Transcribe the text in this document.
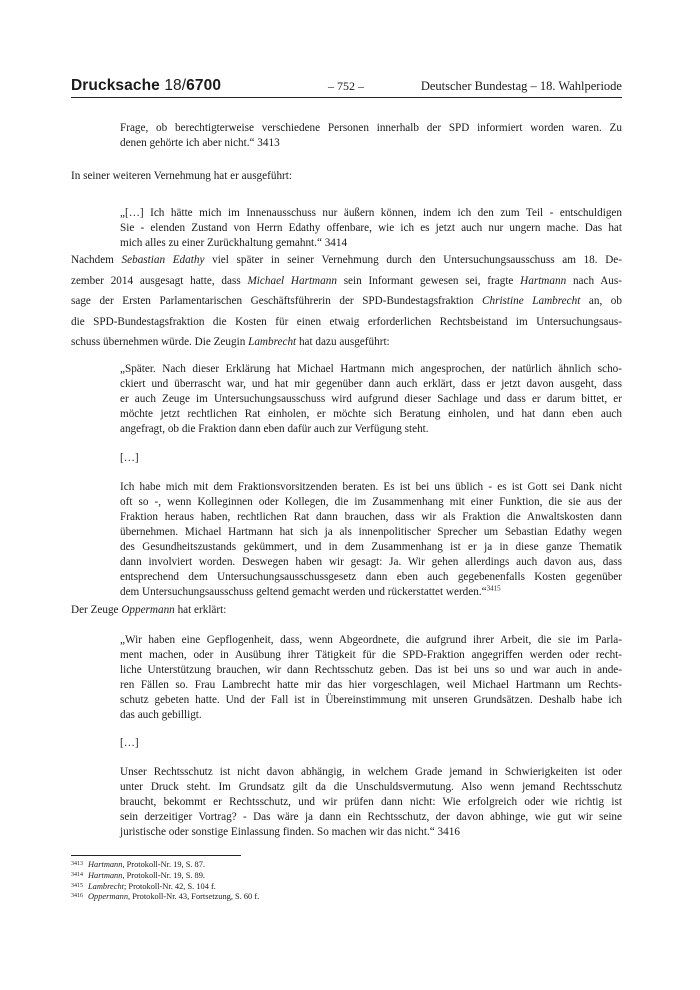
Drucksache 18/6700	– 752 –	Deutscher Bundestag – 18. Wahlperiode
Frage, ob berechtigterweise verschiedene Personen innerhalb der SPD informiert worden waren. Zu
denen gehörte ich aber nicht.“ 3413
In seiner weiteren Vernehmung hat er ausgeführt:
„[…] Ich hätte mich im Innenausschuss nur äußern können, indem ich den zum Teil - entschuldigen
Sie - elenden Zustand von Herrn Edathy offenbare, wie ich es jetzt auch nur ungern mache. Das hat
mich alles zu einer Zurückhaltung gemahnt.“ 3414
Nachdem Sebastian Edathy viel später in seiner Vernehmung durch den Untersuchungsausschuss am 18. De-
zember 2014 ausgesagt hatte, dass Michael Hartmann sein Informant gewesen sei, fragte Hartmann nach Aus-
sage der Ersten Parlamentarischen Geschäftsführerin der SPD-Bundestagsfraktion Christine Lambrecht an, ob
die SPD-Bundestagsfraktion die Kosten für einen etwaig erforderlichen Rechtsbeistand im Untersuchungsaus-
schuss übernehmen würde. Die Zeugin Lambrecht hat dazu ausgeführt:
„Später. Nach dieser Erklärung hat Michael Hartmann mich angesprochen, der natürlich ähnlich scho-
ckiert und überrascht war, und hat mir gegenüber dann auch erklärt, dass er jetzt davon ausgeht, dass
er auch Zeuge im Untersuchungsausschuss wird aufgrund dieser Sachlage und dass er darum bittet, er
möchte jetzt rechtlichen Rat einholen, er möchte sich Beratung einholen, und hat dann eben auch
angefragt, ob die Fraktion dann eben dafür auch zur Verfügung steht.
[…]
Ich habe mich mit dem Fraktionsvorsitzenden beraten. Es ist bei uns üblich - es ist Gott sei Dank nicht
oft so -, wenn Kolleginnen oder Kollegen, die im Zusammenhang mit einer Funktion, die sie aus der
Fraktion heraus haben, rechtlichen Rat dann brauchen, dass wir als Fraktion die Anwaltskosten dann
übernehmen. Michael Hartmann hat sich ja als innenpolitischer Sprecher um Sebastian Edathy wegen
des Gesundheitszustands gekümmert, und in dem Zusammenhang ist er ja in diese ganze Thematik
dann involviert worden. Deswegen haben wir gesagt: Ja. Wir gehen allerdings auch davon aus, dass
entsprechend dem Untersuchungsausschussgesetz dann eben auch gegebenenfalls Kosten gegenüber
dem Untersuchungsausschuss geltend gemacht werden und rückerstattet werden.“$^{3415}$
Der Zeuge Oppermann hat erklärt:
„Wir haben eine Gepflogenheit, dass, wenn Abgeordnete, die aufgrund ihrer Arbeit, die sie im Parla-
ment machen, oder in Ausübung ihrer Tätigkeit für die SPD-Fraktion angegriffen werden oder recht-
liche Unterstützung brauchen, wir dann Rechtsschutz geben. Das ist bei uns so und war auch in ande-
ren Fällen so. Frau Lambrecht hatte mir das hier vorgeschlagen, weil Michael Hartmann um Rechts-
schutz gebeten hatte. Und der Fall ist in Übereinstimmung mit unseren Grundsätzen. Deshalb habe ich
das auch gebilligt.
[…]
Unser Rechtsschutz ist nicht davon abhängig, in welchem Grade jemand in Schwierigkeiten ist oder
unter Druck steht. Im Grundsatz gilt da die Unschuldsvermutung. Also wenn jemand Rechtsschutz
braucht, bekommt er Rechtsschutz, und wir prüfen dann nicht: Wie erfolgreich oder wie richtig ist
sein derzeitiger Vortrag? - Das wäre ja dann ein Rechtsschutz, der davon abhinge, wie gut wir seine
juristische oder sonstige Einlassung finden. So machen wir das nicht.“ 3416
3413 Hartmann, Protokoll-Nr. 19, S. 87.
3414 Hartmann, Protokoll-Nr. 19, S. 89.
3415 Lambrecht; Protokoll-Nr. 42, S. 104 f.
3416 Oppermann, Protokoll-Nr. 43, Fortsetzung, S. 60 f.
